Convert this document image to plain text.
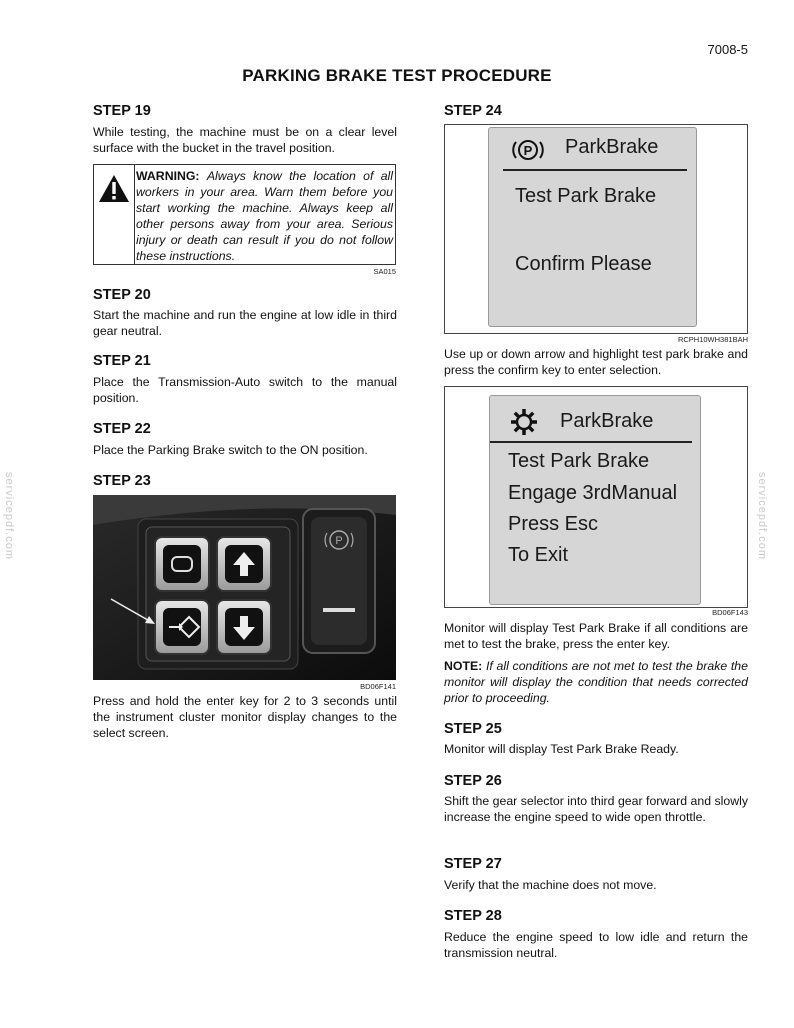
7008-5
PARKING BRAKE TEST PROCEDURE
servicepdf.com	servicepdf.com
STEP 19
While testing, the machine must be on a clear level surface with the bucket in the travel position.
WARNING: Always know the location of all workers in your area. Warn them before you start working the machine. Always keep all other persons away from your area. Serious injury or death can result if you do not follow these instructions.
SA015
STEP 20
Start the machine and run the engine at low idle in third gear neutral.
STEP 21
Place the Transmission-Auto switch to the manual position.
STEP 22
Place the Parking Brake switch to the ON position.
STEP 23
P
BD06F141
Press and hold the enter key for 2 to 3 seconds until the instrument cluster monitor display changes to the select screen.
STEP 24
P ParkBrake
Test Park Brake
Confirm Please
RCPH10WH381BAH
Use up or down arrow and highlight test park brake and press the confirm key to enter selection.
ParkBrake
Test Park Brake
Engage 3rdManual
Press Esc
To Exit
BD06F143
Monitor will display Test Park Brake if all conditions are met to test the brake, press the enter key.
NOTE: If all conditions are not met to test the brake the monitor will display the condition that needs corrected prior to proceeding.
STEP 25
Monitor will display Test Park Brake Ready.
STEP 26
Shift the gear selector into third gear forward and slowly increase the engine speed to wide open throttle.
STEP 27
Verify that the machine does not move.
STEP 28
Reduce the engine speed to low idle and return the transmission neutral.
